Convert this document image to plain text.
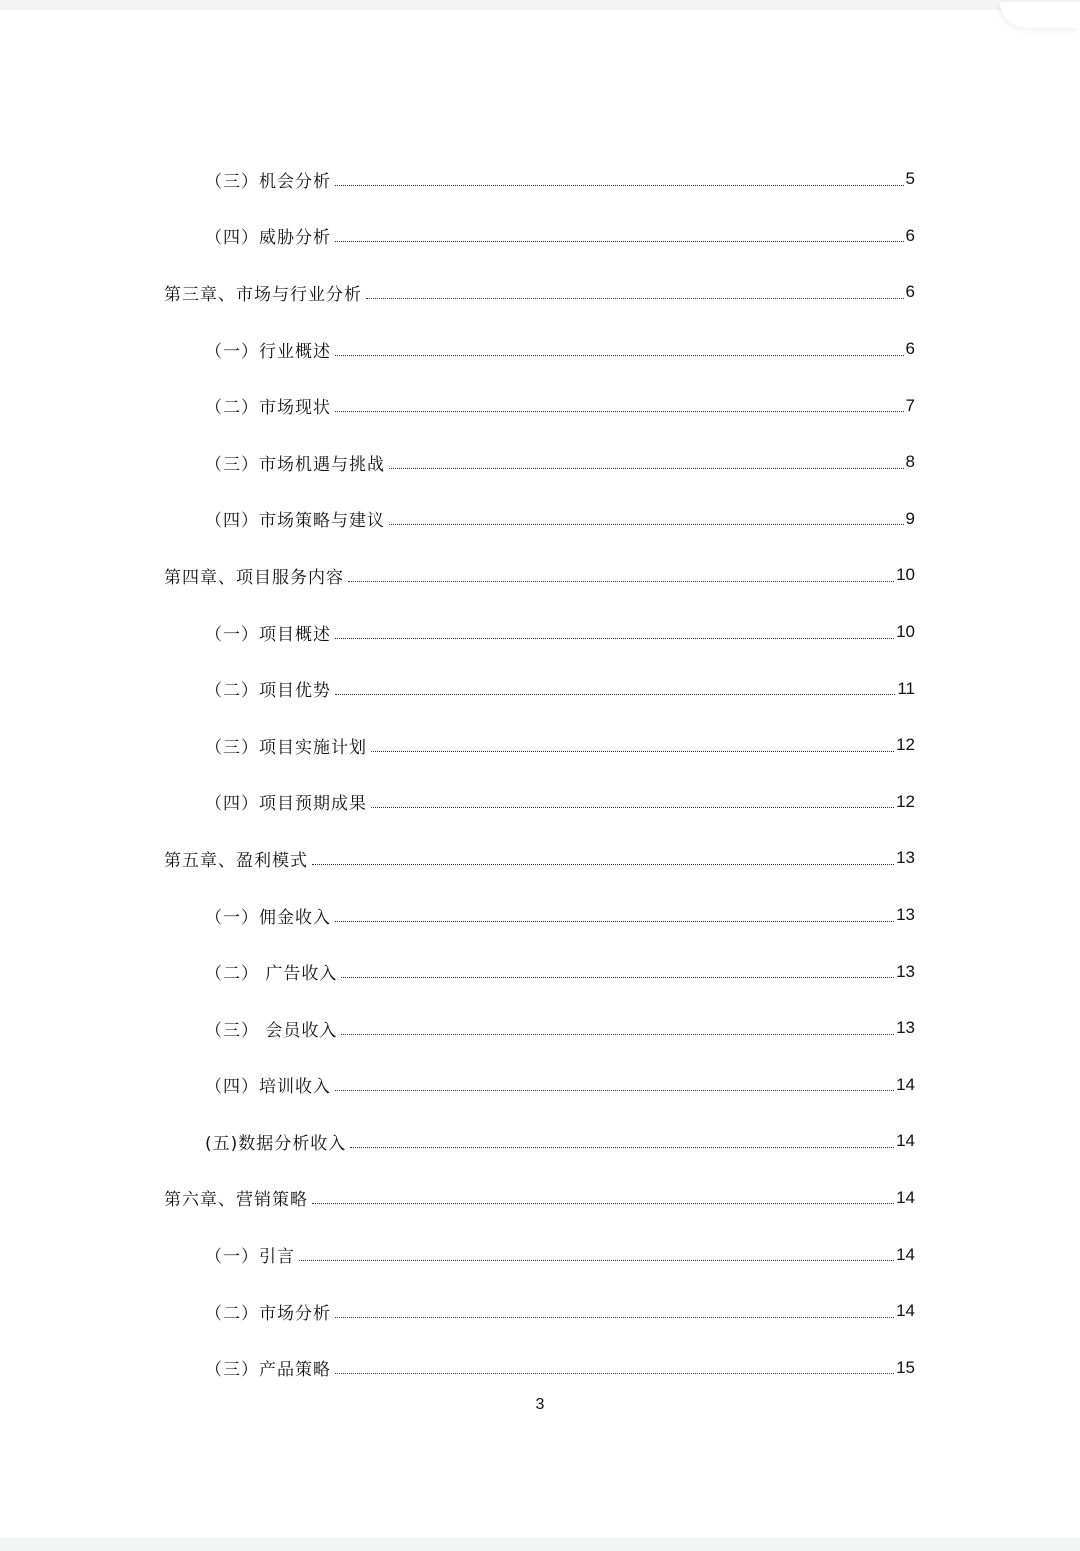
（三）机会分析	5
（四）威胁分析	6
第三章、市场与行业分析	6
（一）行业概述	6
（二）市场现状	7
（三）市场机遇与挑战	8
（四）市场策略与建议	9
第四章、项目服务内容	10
（一）项目概述	10
（二）项目优势	11
（三）项目实施计划	12
（四）项目预期成果	12
第五章、盈利模式	13
（一）佣金收入	13
（二） 广告收入	13
（三） 会员收入	13
（四）培训收入	14
(五)数据分析收入	14
第六章、营销策略	14
（一）引言	14
（二）市场分析	14
（三）产品策略	15
3
